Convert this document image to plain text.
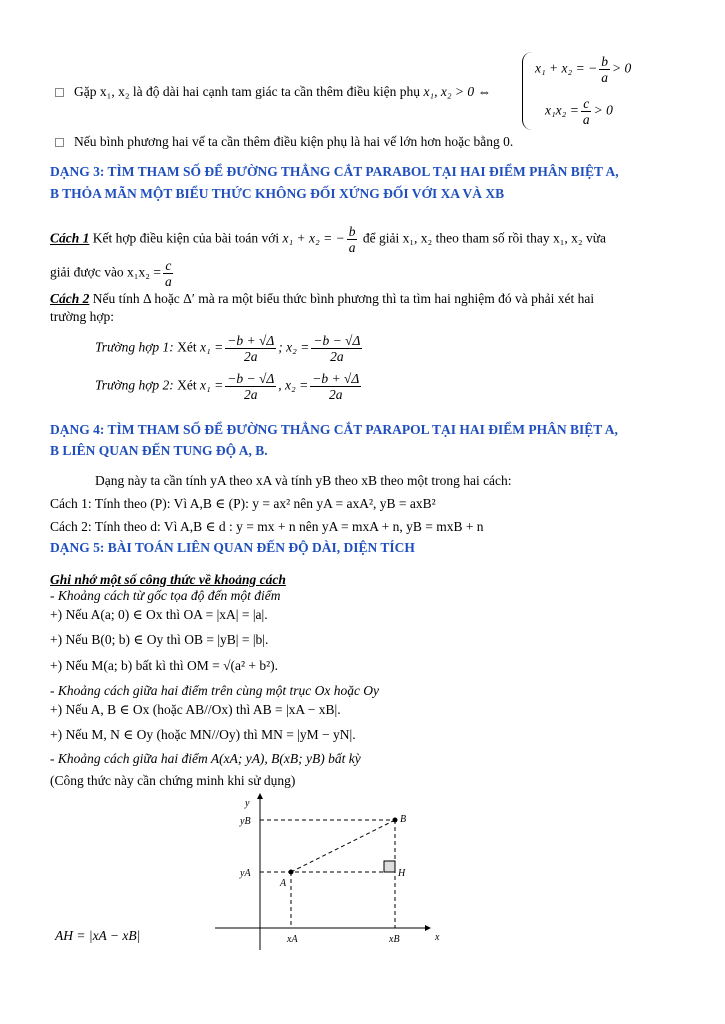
Gặp x₁, x₂ là độ dài hai cạnh tam giác ta cần thêm điều kiện phụ x₁, x₂ > 0 ⇔
x₁ + x₂ = − $\frac{b}{a} > 0$
$x_1x_2 = \frac{c}{a} > 0$
Nếu bình phương hai vế ta cần thêm điều kiện phụ là hai vế lớn hơn hoặc bằng 0.
DẠNG 3: TÌM THAM SỐ ĐỂ ĐƯỜNG THẲNG CẮT PARABOL TẠI HAI ĐIỂM PHÂN BIỆT A,
B THỎA MÃN MỘT BIỂU THỨC KHÔNG ĐỐI XỨNG ĐỐI VỚI XA VÀ XB
Cách 1 Kết hợp điều kiện của bài toán với x₁ + x₂ = − $\frac{b}{a}$ để giải x₁, x₂ theo tham số rồi thay x₁, x₂ vừa
giải được vào $x_1x_2 = \frac{c}{a}$
Cách 2 Nếu tính Δ hoặc Δ′ mà ra một biểu thức bình phương thì ta tìm hai nghiệm đó và phải xét hai
trường hợp:
Trường hợp 1: Xét $x_1 = \frac{-b + √\Delta}{2a}$ ; $x_2 = \frac{-b - √\Delta}{2a}$
Trường hợp 2: Xét $x_1 = \frac{-b - √\Delta}{2a}$ , $x_2 = \frac{-b + √\Delta}{2a}$
DẠNG 4: TÌM THAM SỐ ĐỂ ĐƯỜNG THẲNG CẮT PARAPOL TẠI HAI ĐIỂM PHÂN BIỆT A,
B LIÊN QUAN ĐẾN TUNG ĐỘ A, B.
Dạng này ta cần tính yA theo xA và tính yB theo xB theo một trong hai cách:
Cách 1: Tính theo (P): Vì A,B ∈ (P): y = ax² nên yA = axA², yB = axB²
Cách 2: Tính theo d: Vì A,B ∈ d : y = mx + n nên yA = mxA + n, yB = mxB + n
DẠNG 5: BÀI TOÁN LIÊN QUAN ĐẾN ĐỘ DÀI, DIỆN TÍCH
Ghi nhớ một số công thức về khoảng cách
- Khoảng cách từ gốc tọa độ đến một điểm
+) Nếu A(a; 0) ∈ Ox thì OA = |xA| = |a|.
+) Nếu B(0; b) ∈ Oy thì OB = |yB| = |b|.
+) Nếu M(a; b) bất kì thì OM = √(a² + b²).
- Khoảng cách giữa hai điểm trên cùng một trục Ox hoặc Oy
+) Nếu A, B ∈ Ox (hoặc AB//Ox) thì AB = |xA − xB|.
+) Nếu M, N ∈ Oy (hoặc MN//Oy) thì MN = |yM − yN|.
- Khoảng cách giữa hai điểm A(xA; yA), B(xB; yB) bất kỳ
(Công thức này cần chứng minh khi sử dụng)
AH = |xA − xB|
y
x
yB
yA
xA	xB
A
B
H
